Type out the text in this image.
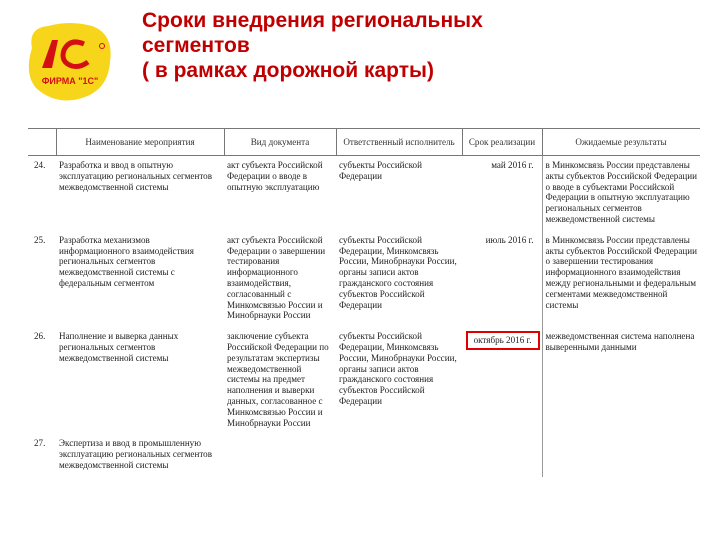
ФИРМА "1С"
Сроки внедрения региональных
сегментов
( в рамках дорожной карты)
	Наименование мероприятия	Вид документа	Ответственный исполнитель	Срок реализации	Ожидаемые результаты
24.	Разработка и ввод в опытную эксплуатацию региональных сегментов межведомственной системы	акт субъекта Российской Федерации о вводе в опытную эксплуатацию	субъекты Российской Федерации	май 2016 г.	в Минкомсвязь России представлены акты субъектов Российской Федерации о вводе в субъектами Российской Федерации в опытную эксплуатацию региональных сегментов межведомственной системы
25.	Разработка механизмов информационного взаимодействия региональных сегментов межведомственной системы с федеральным сегментом	акт субъекта Российской Федерации о завершении тестирования информационного взаимодействия, согласованный с Минкомсвязью России и Минобрнауки России	субъекты Российской Федерации, Минкомсвязь России, Минобрнауки России, органы записи актов гражданского состояния субъектов Российской Федерации	июль 2016 г.	в Минкомсвязь России представлены акты субъектов Российской Федерации о завершении тестирования информационного взаимодействия между региональными и федеральным сегментами межведомственной системы
26.	Наполнение и выверка данных региональных сегментов межведомственной системы	заключение субъекта Российской Федерации по результатам экспертизы межведомственной системы на предмет наполнения и выверки данных, согласованное с Минкомсвязью России и Минобрнауки России	субъекты Российской Федерации, Минкомсвязь России, Минобрнауки России, органы записи актов гражданского состояния субъектов Российской Федерации	октябрь 2016 г.	межведомственная система наполнена выверенными данными
27.	Экспертиза и ввод в промышленную эксплуатацию региональных сегментов межведомственной системы				
